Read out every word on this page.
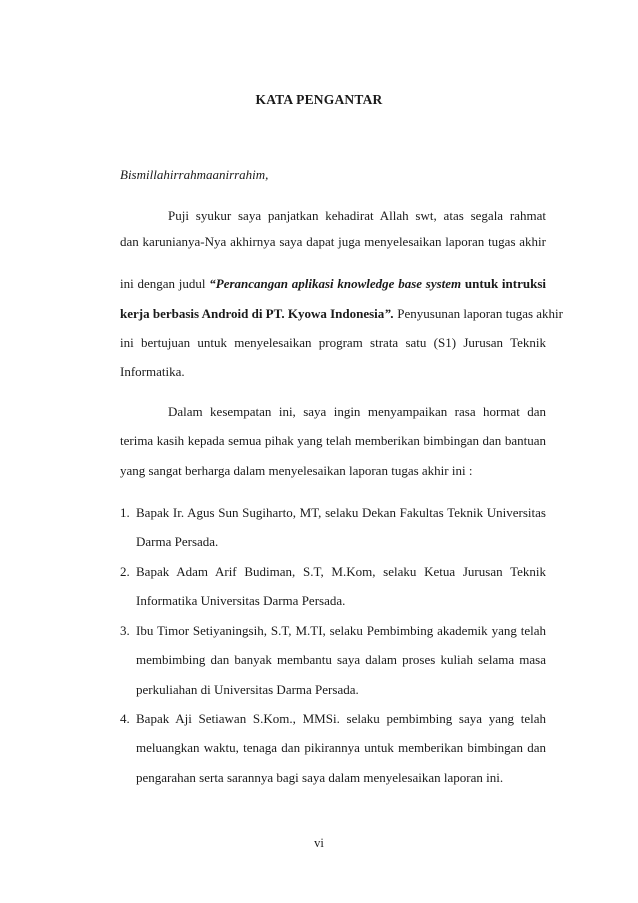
KATA PENGANTAR
Bismillahirrahmaanirrahim,
Puji syukur saya panjatkan kehadirat Allah swt, atas segala rahmat
dan karunianya-Nya akhirnya saya dapat juga menyelesaikan laporan tugas akhir
ini dengan judul “Perancangan aplikasi knowledge base system untuk intruksi
kerja berbasis Android di PT. Kyowa Indonesia”. Penyusunan laporan tugas akhir
ini bertujuan untuk menyelesaikan program strata satu (S1) Jurusan Teknik
Informatika.
Dalam kesempatan ini, saya ingin menyampaikan rasa hormat dan
terima kasih kepada semua pihak yang telah memberikan bimbingan dan bantuan
yang sangat berharga dalam menyelesaikan laporan tugas akhir ini :
1. Bapak Ir. Agus Sun Sugiharto, MT, selaku Dekan Fakultas Teknik Universitas
Darma Persada.
2. Bapak Adam Arif Budiman, S.T, M.Kom, selaku Ketua Jurusan Teknik
Informatika Universitas Darma Persada.
3. Ibu Timor Setiyaningsih, S.T, M.TI, selaku Pembimbing akademik yang telah
membimbing dan banyak membantu saya dalam proses kuliah selama masa
perkuliahan di Universitas Darma Persada.
4. Bapak Aji Setiawan S.Kom., MMSi. selaku pembimbing saya yang telah
meluangkan waktu, tenaga dan pikirannya untuk memberikan bimbingan dan
pengarahan serta sarannya bagi saya dalam menyelesaikan laporan ini.
vi
